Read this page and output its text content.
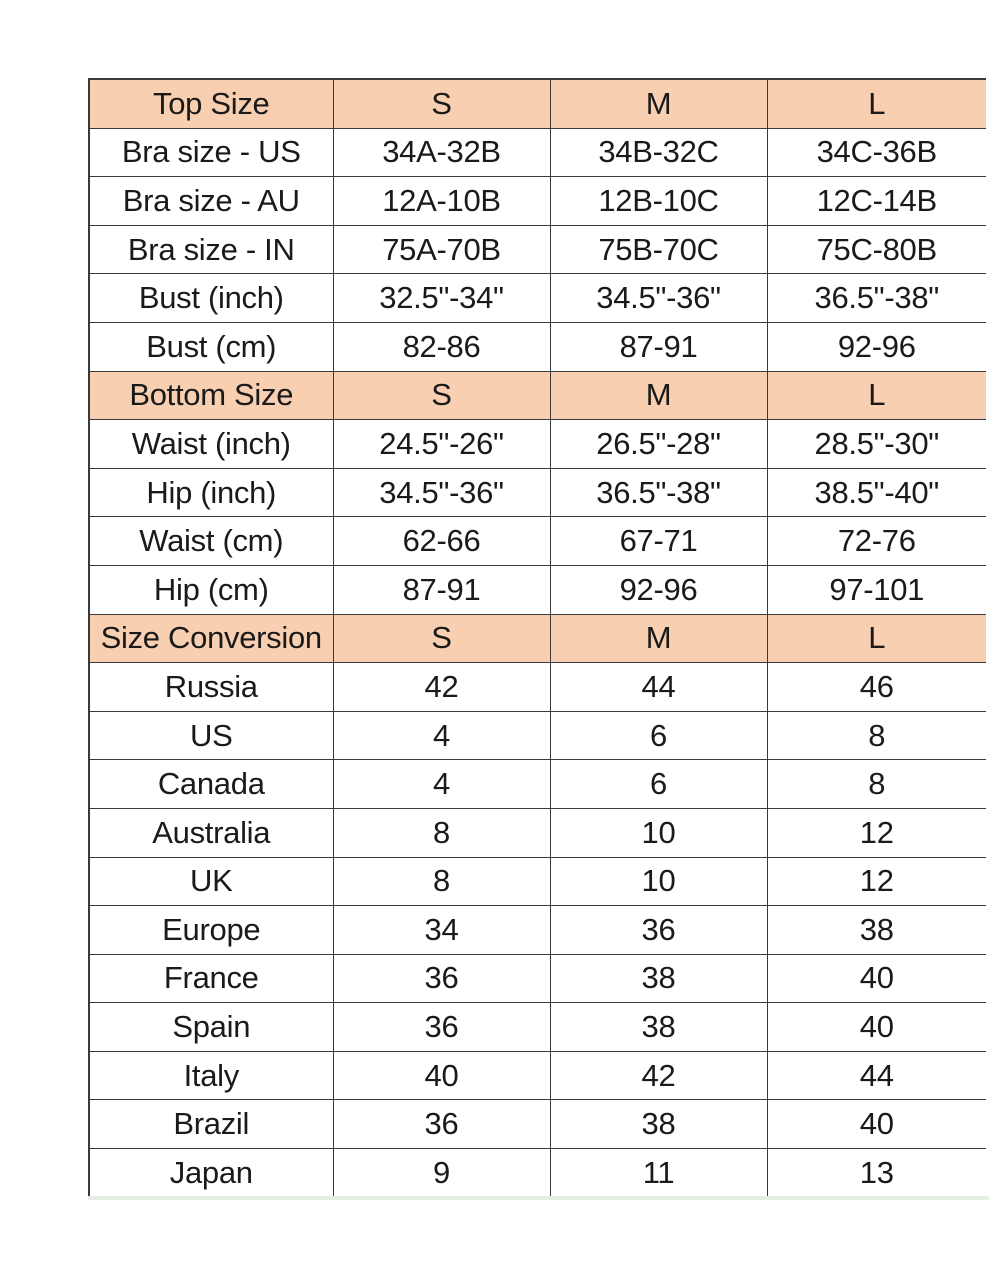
Top Size	S	M	L
Bra size - US	34A-32B	34B-32C	34C-36B
Bra size - AU	12A-10B	12B-10C	12C-14B
Bra size - IN	75A-70B	75B-70C	75C-80B
Bust (inch)	32.5"-34"	34.5"-36"	36.5"-38"
Bust (cm)	82-86	87-91	92-96
Bottom Size	S	M	L
Waist (inch)	24.5"-26"	26.5"-28"	28.5"-30"
Hip (inch)	34.5"-36"	36.5"-38"	38.5"-40"
Waist (cm)	62-66	67-71	72-76
Hip (cm)	87-91	92-96	97-101
Size Conversion	S	M	L
Russia	42	44	46
US	4	6	8
Canada	4	6	8
Australia	8	10	12
UK	8	10	12
Europe	34	36	38
France	36	38	40
Spain	36	38	40
Italy	40	42	44
Brazil	36	38	40
Japan	9	11	13
